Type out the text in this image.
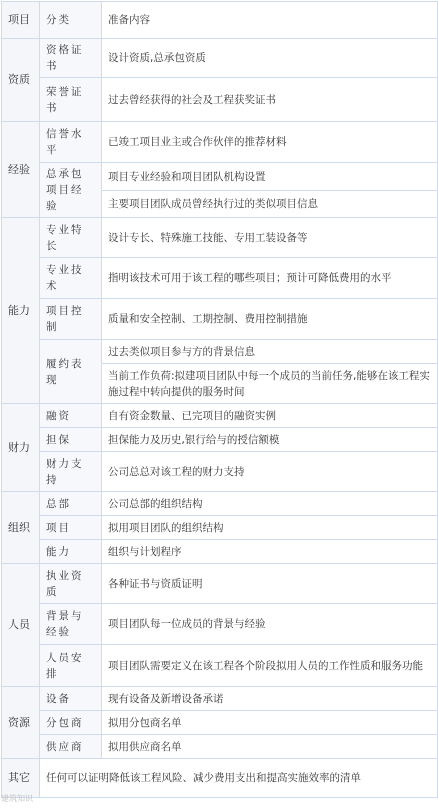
项目	分类	准备内容
资质	资格证书	设计资质,总承包资质
	荣誉证书	过去曾经获得的社会及工程获奖证书
经验	信誉水平	已竣工项目业主或合作伙伴的推荐材料
	总承包项目经验	项目专业经验和项目团队机构设置
		主要项目团队成员曾经执行过的类似项目信息
能力	专业特长	设计专长、特殊施工技能、专用工装设备等
	专业技术	指明该技术可用于该工程的哪些项目；预计可降低费用的水平
	项目控制	质量和安全控制、工期控制、费用控制措施
	履约表现	过去类似项目参与方的背景信息
		当前工作负荷:拟建项目团队中每一个成员的当前任务,能够在该工程实施过程中转向提供的服务时间
财力	融资	自有资金数量、已完项目的融资实例
	担保	担保能力及历史,银行给与的授信额模
	财力支持	公司总总对该工程的财力支持
组织	总部	公司总部的组织结构
	项目	拟用项目团队的组织结构
	能力	组织与计划程序
人员	执业资质	各种证书与资质证明
	背景与经验	项目团队每一位成员的背景与经验
	人员安排	项目团队需要定义在该工程各个阶段拟用人员的工作性质和服务功能
资源	设备	现有设备及新增设备承诺
	分包商	拟用分包商名单
	供应商	拟用供应商名单
其它	任何可以证明降低该工程风险、减少费用支出和提高实施效率的清单	
建筑知识
